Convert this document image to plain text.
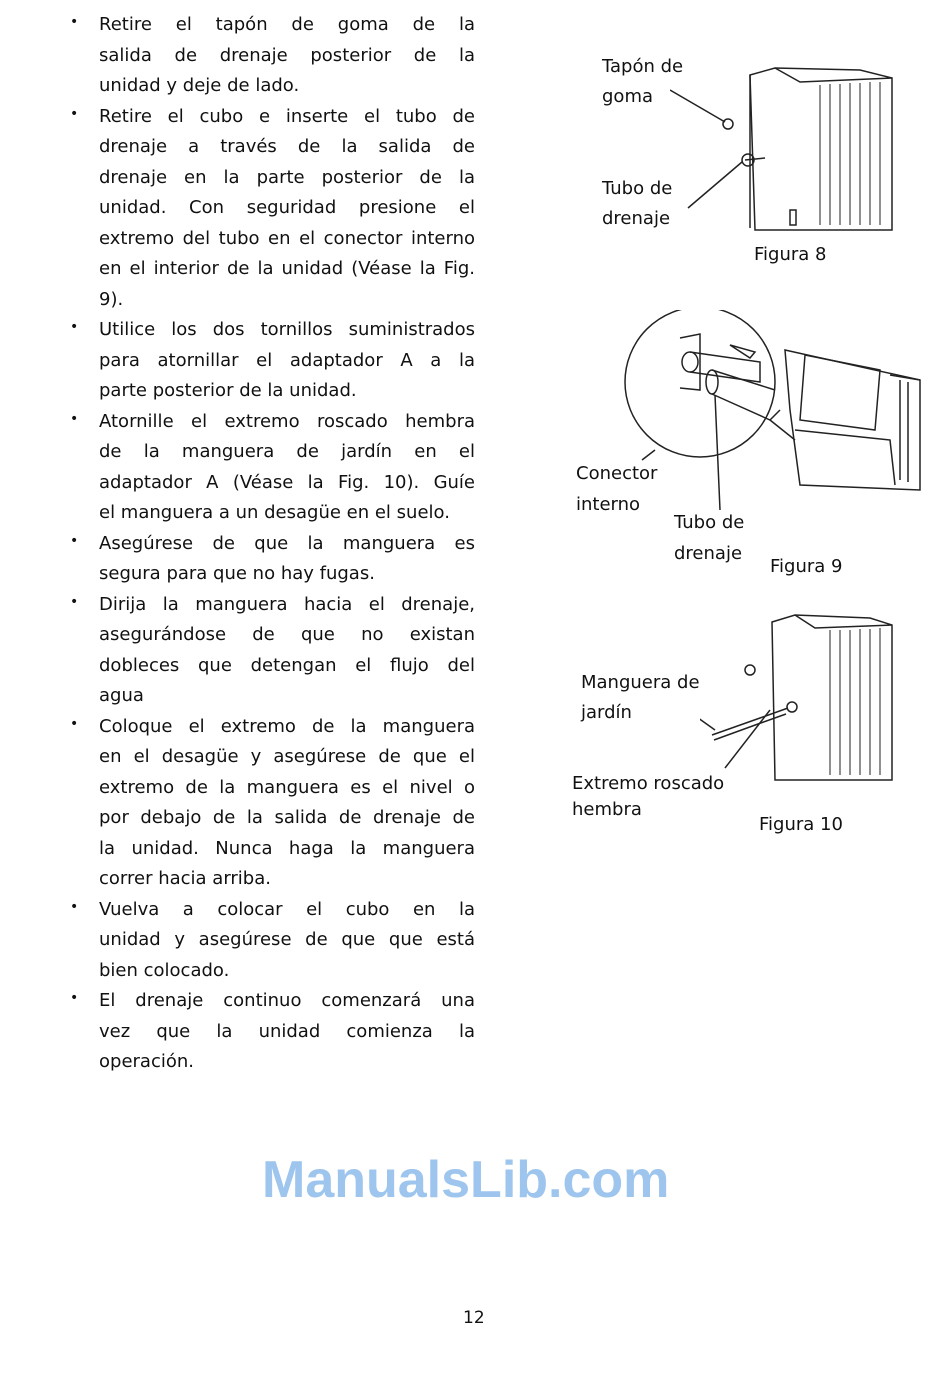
• Retire el tapón de goma de la
salida de drenaje posterior de la
unidad y deje de lado.
• Retire el cubo e inserte el tubo de
drenaje a través de la salida de
drenaje en la parte posterior de la
unidad. Con seguridad presione el
extremo del tubo en el conector interno
en el interior de la unidad (Véase la Fig.
9).
• Utilice los dos tornillos suministrados
para atornillar el adaptador A a la
parte posterior de la unidad.
• Atornille el extremo roscado hembra
de la manguera de jardín en el
adaptador A (Véase la Fig. 10). Guíe
el manguera a un desagüe en el suelo.
• Asegúrese de que la manguera es
segura para que no hay fugas.
• Dirija la manguera hacia el drenaje,
asegurándose de que no existan
dobleces que detengan el flujo del
agua
• Coloque el extremo de la manguera
en el desagüe y asegúrese de que el
extremo de la manguera es el nivel o
por debajo de la salida de drenaje de
la unidad. Nunca haga la manguera
correr hacia arriba.
• Vuelva a colocar el cubo en la
unidad y asegúrese de que que está
bien colocado.
• El drenaje continuo comenzará una
vez que la unidad comienza la
operación.
Tapón de
goma
Tubo de
drenaje
Figura 8
Conector
interno
Tubo de
drenaje
Figura 9
Manguera de
jardín
Extremo roscado
hembra
Figura 10
ManualsLib.com
12
